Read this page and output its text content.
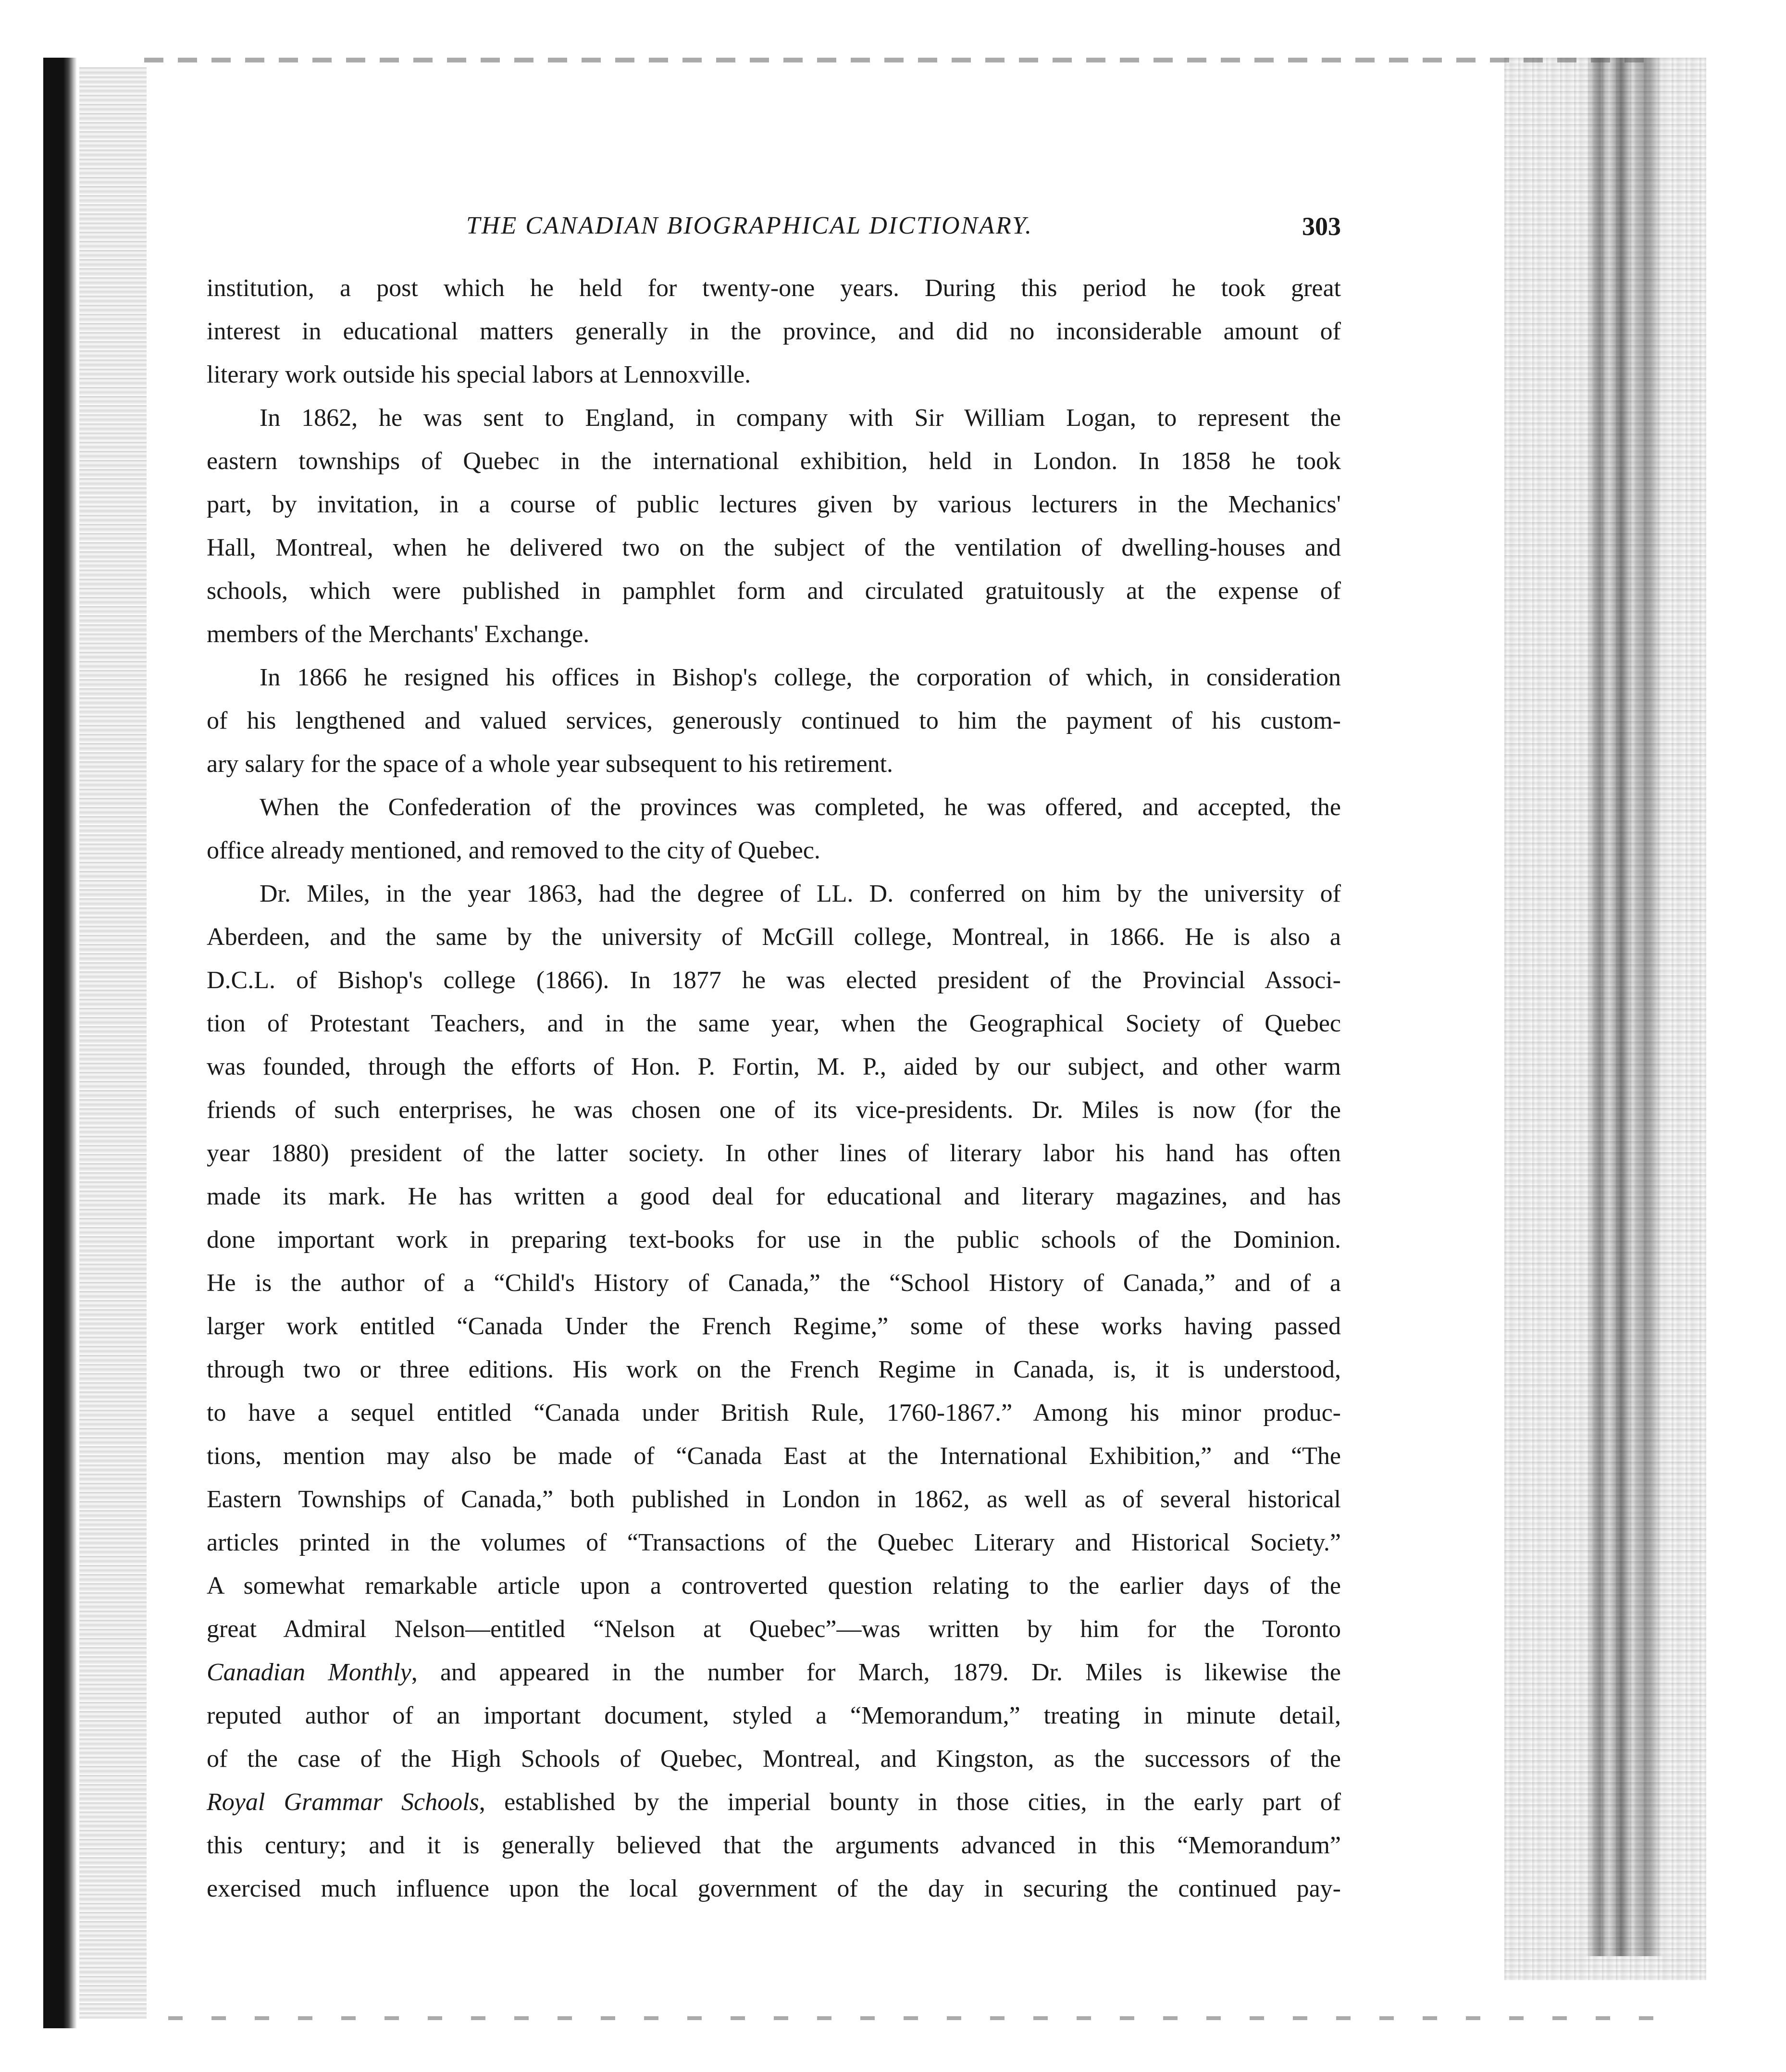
THE CANADIAN BIOGRAPHICAL DICTIONARY.	303
institution, a post which he held for twenty-one years. During this period he took great
interest in educational matters generally in the province, and did no inconsiderable amount of
literary work outside his special labors at Lennoxville.
In 1862, he was sent to England, in company with Sir William Logan, to represent the
eastern townships of Quebec in the international exhibition, held in London. In 1858 he took
part, by invitation, in a course of public lectures given by various lecturers in the Mechanics'
Hall, Montreal, when he delivered two on the subject of the ventilation of dwelling-houses and
schools, which were published in pamphlet form and circulated gratuitously at the expense of
members of the Merchants' Exchange.
In 1866 he resigned his offices in Bishop's college, the corporation of which, in consideration
of his lengthened and valued services, generously continued to him the payment of his custom-
ary salary for the space of a whole year subsequent to his retirement.
When the Confederation of the provinces was completed, he was offered, and accepted, the
office already mentioned, and removed to the city of Quebec.
Dr. Miles, in the year 1863, had the degree of LL. D. conferred on him by the university of
Aberdeen, and the same by the university of McGill college, Montreal, in 1866. He is also a
D.C.L. of Bishop's college (1866). In 1877 he was elected president of the Provincial Associ-
tion of Protestant Teachers, and in the same year, when the Geographical Society of Quebec
was founded, through the efforts of Hon. P. Fortin, M. P., aided by our subject, and other warm
friends of such enterprises, he was chosen one of its vice-presidents. Dr. Miles is now (for the
year 1880) president of the latter society. In other lines of literary labor his hand has often
made its mark. He has written a good deal for educational and literary magazines, and has
done important work in preparing text-books for use in the public schools of the Dominion.
He is the author of a “Child's History of Canada,” the “School History of Canada,” and of a
larger work entitled “Canada Under the French Regime,” some of these works having passed
through two or three editions. His work on the French Regime in Canada, is, it is understood,
to have a sequel entitled “Canada under British Rule, 1760-1867.” Among his minor produc-
tions, mention may also be made of “Canada East at the International Exhibition,” and “The
Eastern Townships of Canada,” both published in London in 1862, as well as of several historical
articles printed in the volumes of “Transactions of the Quebec Literary and Historical Society.”
A somewhat remarkable article upon a controverted question relating to the earlier days of the
great Admiral Nelson—entitled “Nelson at Quebec”—was written by him for the Toronto
Canadian Monthly, and appeared in the number for March, 1879. Dr. Miles is likewise the
reputed author of an important document, styled a “Memorandum,” treating in minute detail,
of the case of the High Schools of Quebec, Montreal, and Kingston, as the successors of the
Royal Grammar Schools, established by the imperial bounty in those cities, in the early part of
this century; and it is generally believed that the arguments advanced in this “Memorandum”
exercised much influence upon the local government of the day in securing the continued pay-
